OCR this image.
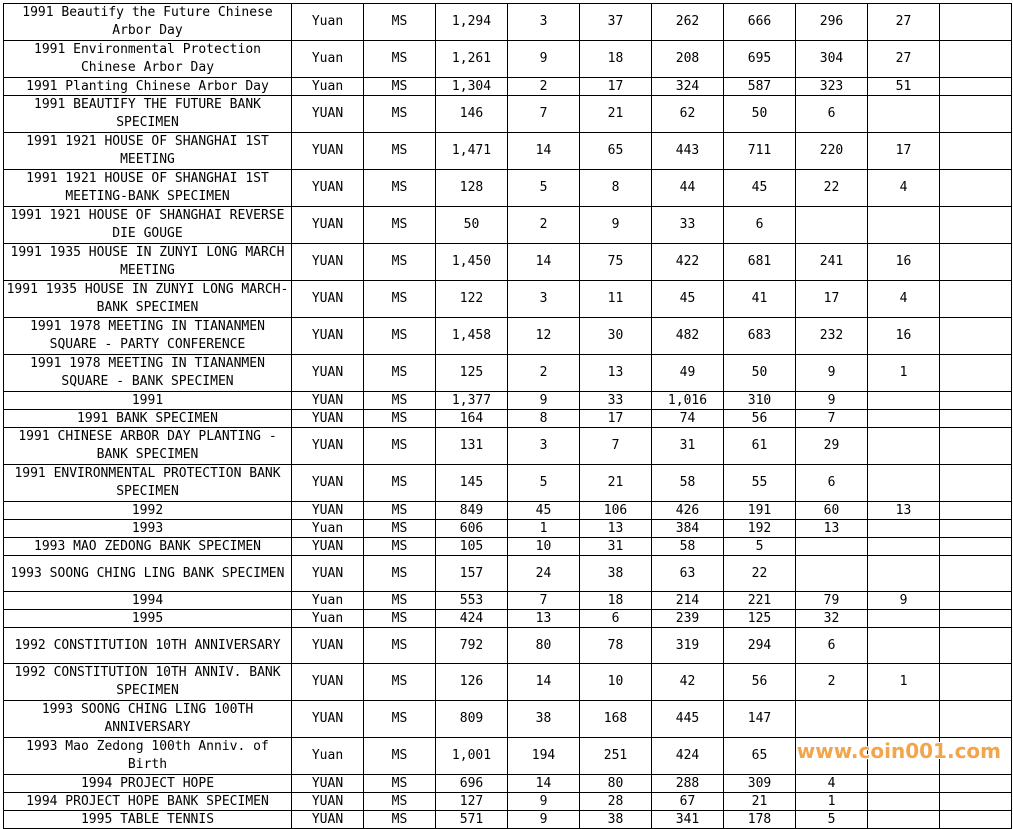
1991 Beautify the Future Chinese Arbor Day	Yuan	MS	1,294	3	37	262	666	296	27	
1991 Environmental Protection Chinese Arbor Day	Yuan	MS	1,261	9	18	208	695	304	27	
1991 Planting Chinese Arbor Day	Yuan	MS	1,304	2	17	324	587	323	51	
1991 BEAUTIFY THE FUTURE BANK SPECIMEN	YUAN	MS	146	7	21	62	50	6		
1991 1921 HOUSE OF SHANGHAI 1ST MEETING	YUAN	MS	1,471	14	65	443	711	220	17	
1991 1921 HOUSE OF SHANGHAI 1ST MEETING-BANK SPECIMEN	YUAN	MS	128	5	8	44	45	22	4	
1991 1921 HOUSE OF SHANGHAI REVERSE DIE GOUGE	YUAN	MS	50	2	9	33	6			
1991 1935 HOUSE IN ZUNYI LONG MARCH MEETING	YUAN	MS	1,450	14	75	422	681	241	16	
1991 1935 HOUSE IN ZUNYI LONG MARCH-BANK SPECIMEN	YUAN	MS	122	3	11	45	41	17	4	
1991 1978 MEETING IN TIANANMEN SQUARE - PARTY CONFERENCE	YUAN	MS	1,458	12	30	482	683	232	16	
1991 1978 MEETING IN TIANANMEN SQUARE - BANK SPECIMEN	YUAN	MS	125	2	13	49	50	9	1	
1991	YUAN	MS	1,377	9	33	1,016	310	9		
1991 BANK SPECIMEN	YUAN	MS	164	8	17	74	56	7		
1991 CHINESE ARBOR DAY PLANTING - BANK SPECIMEN	YUAN	MS	131	3	7	31	61	29		
1991 ENVIRONMENTAL PROTECTION BANK SPECIMEN	YUAN	MS	145	5	21	58	55	6		
1992	YUAN	MS	849	45	106	426	191	60	13	
1993	Yuan	MS	606	1	13	384	192	13		
1993 MAO ZEDONG BANK SPECIMEN	YUAN	MS	105	10	31	58	5			
1993 SOONG CHING LING BANK SPECIMEN	YUAN	MS	157	24	38	63	22			
1994	Yuan	MS	553	7	18	214	221	79	9	
1995	Yuan	MS	424	13	6	239	125	32		
1992 CONSTITUTION 10TH ANNIVERSARY	YUAN	MS	792	80	78	319	294	6		
1992 CONSTITUTION 10TH ANNIV. BANK SPECIMEN	YUAN	MS	126	14	10	42	56	2	1	
1993 SOONG CHING LING 100TH ANNIVERSARY	YUAN	MS	809	38	168	445	147			
1993 Mao Zedong 100th Anniv. of Birth	Yuan	MS	1,001	194	251	424	65			
1994 PROJECT HOPE	YUAN	MS	696	14	80	288	309	4		
1994 PROJECT HOPE BANK SPECIMEN	YUAN	MS	127	9	28	67	21	1		
1995 TABLE TENNIS	YUAN	MS	571	9	38	341	178	5		
www.coin001.com
